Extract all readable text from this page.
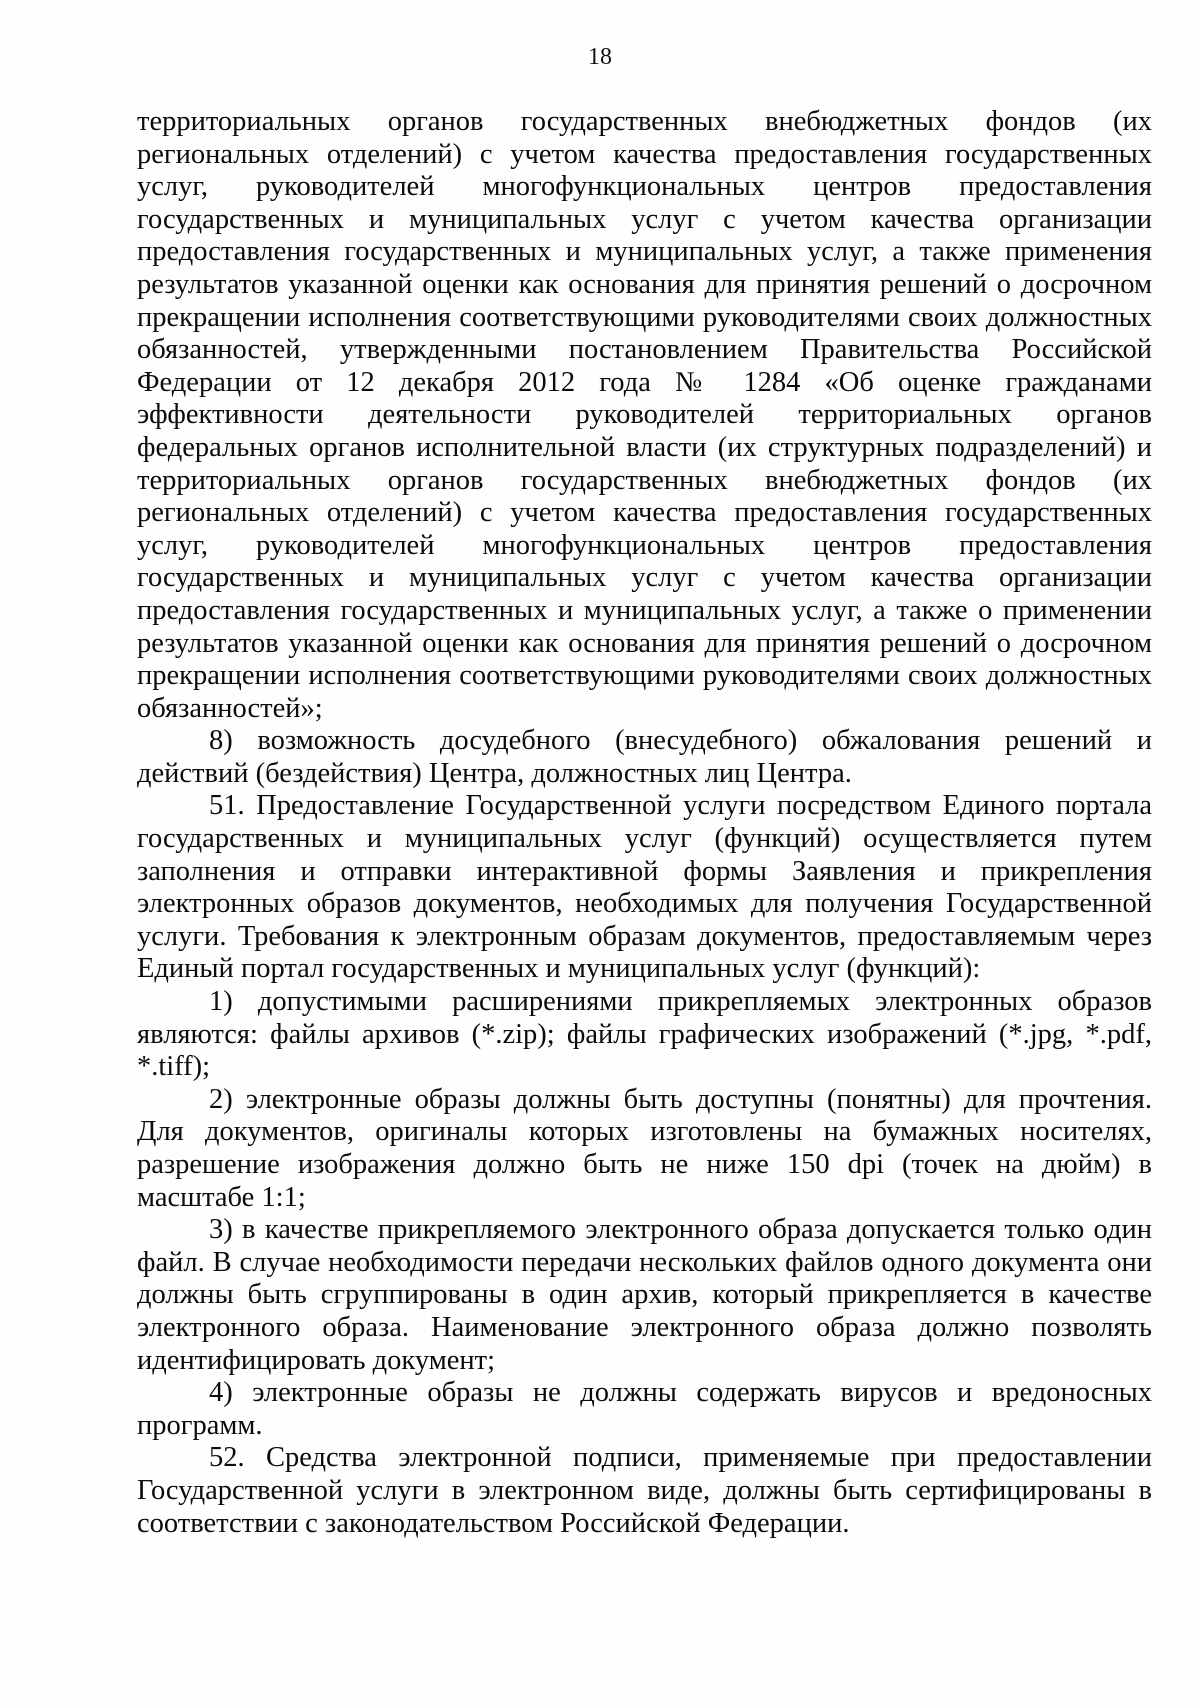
18

территориальных органов государственных внебюджетных фондов (их региональных отделений) с учетом качества предоставления государственных услуг, руководителей многофункциональных центров предоставления государственных и муниципальных услуг с учетом качества организации предоставления государственных и муниципальных услуг, а также применения результатов указанной оценки как основания для принятия решений о досрочном прекращении исполнения соответствующими руководителями своих должностных обязанностей, утвержденными постановлением Правительства Российской Федерации от 12 декабря 2012 года № 1284 «Об оценке гражданами эффективности деятельности руководителей территориальных органов федеральных органов исполнительной власти (их структурных подразделений) и территориальных органов государственных внебюджетных фондов (их региональных отделений) с учетом качества предоставления государственных услуг, руководителей многофункциональных центров предоставления государственных и муниципальных услуг с учетом качества организации предоставления государственных и муниципальных услуг, а также о применении результатов указанной оценки как основания для принятия решений о досрочном прекращении исполнения соответствующими руководителями своих должностных обязанностей»;

8) возможность досудебного (внесудебного) обжалования решений и действий (бездействия) Центра, должностных лиц Центра.

51. Предоставление Государственной услуги посредством Единого портала государственных и муниципальных услуг (функций) осуществляется путем заполнения и отправки интерактивной формы Заявления и прикрепления электронных образов документов, необходимых для получения Государственной услуги. Требования к электронным образам документов, предоставляемым через Единый портал государственных и муниципальных услуг (функций):

1) допустимыми расширениями прикрепляемых электронных образов являются: файлы архивов (*.zip); файлы графических изображений (*.jpg, *.pdf, *.tiff);

2) электронные образы должны быть доступны (понятны) для прочтения. Для документов, оригиналы которых изготовлены на бумажных носителях, разрешение изображения должно быть не ниже 150 dpi (точек на дюйм) в масштабе 1:1;

3) в качестве прикрепляемого электронного образа допускается только один файл. В случае необходимости передачи нескольких файлов одного документа они должны быть сгруппированы в один архив, который прикрепляется в качестве электронного образа. Наименование электронного образа должно позволять идентифицировать документ;

4) электронные образы не должны содержать вирусов и вредоносных программ.

52. Средства электронной подписи, применяемые при предоставлении Государственной услуги в электронном виде, должны быть сертифицированы в соответствии с законодательством Российской Федерации.
